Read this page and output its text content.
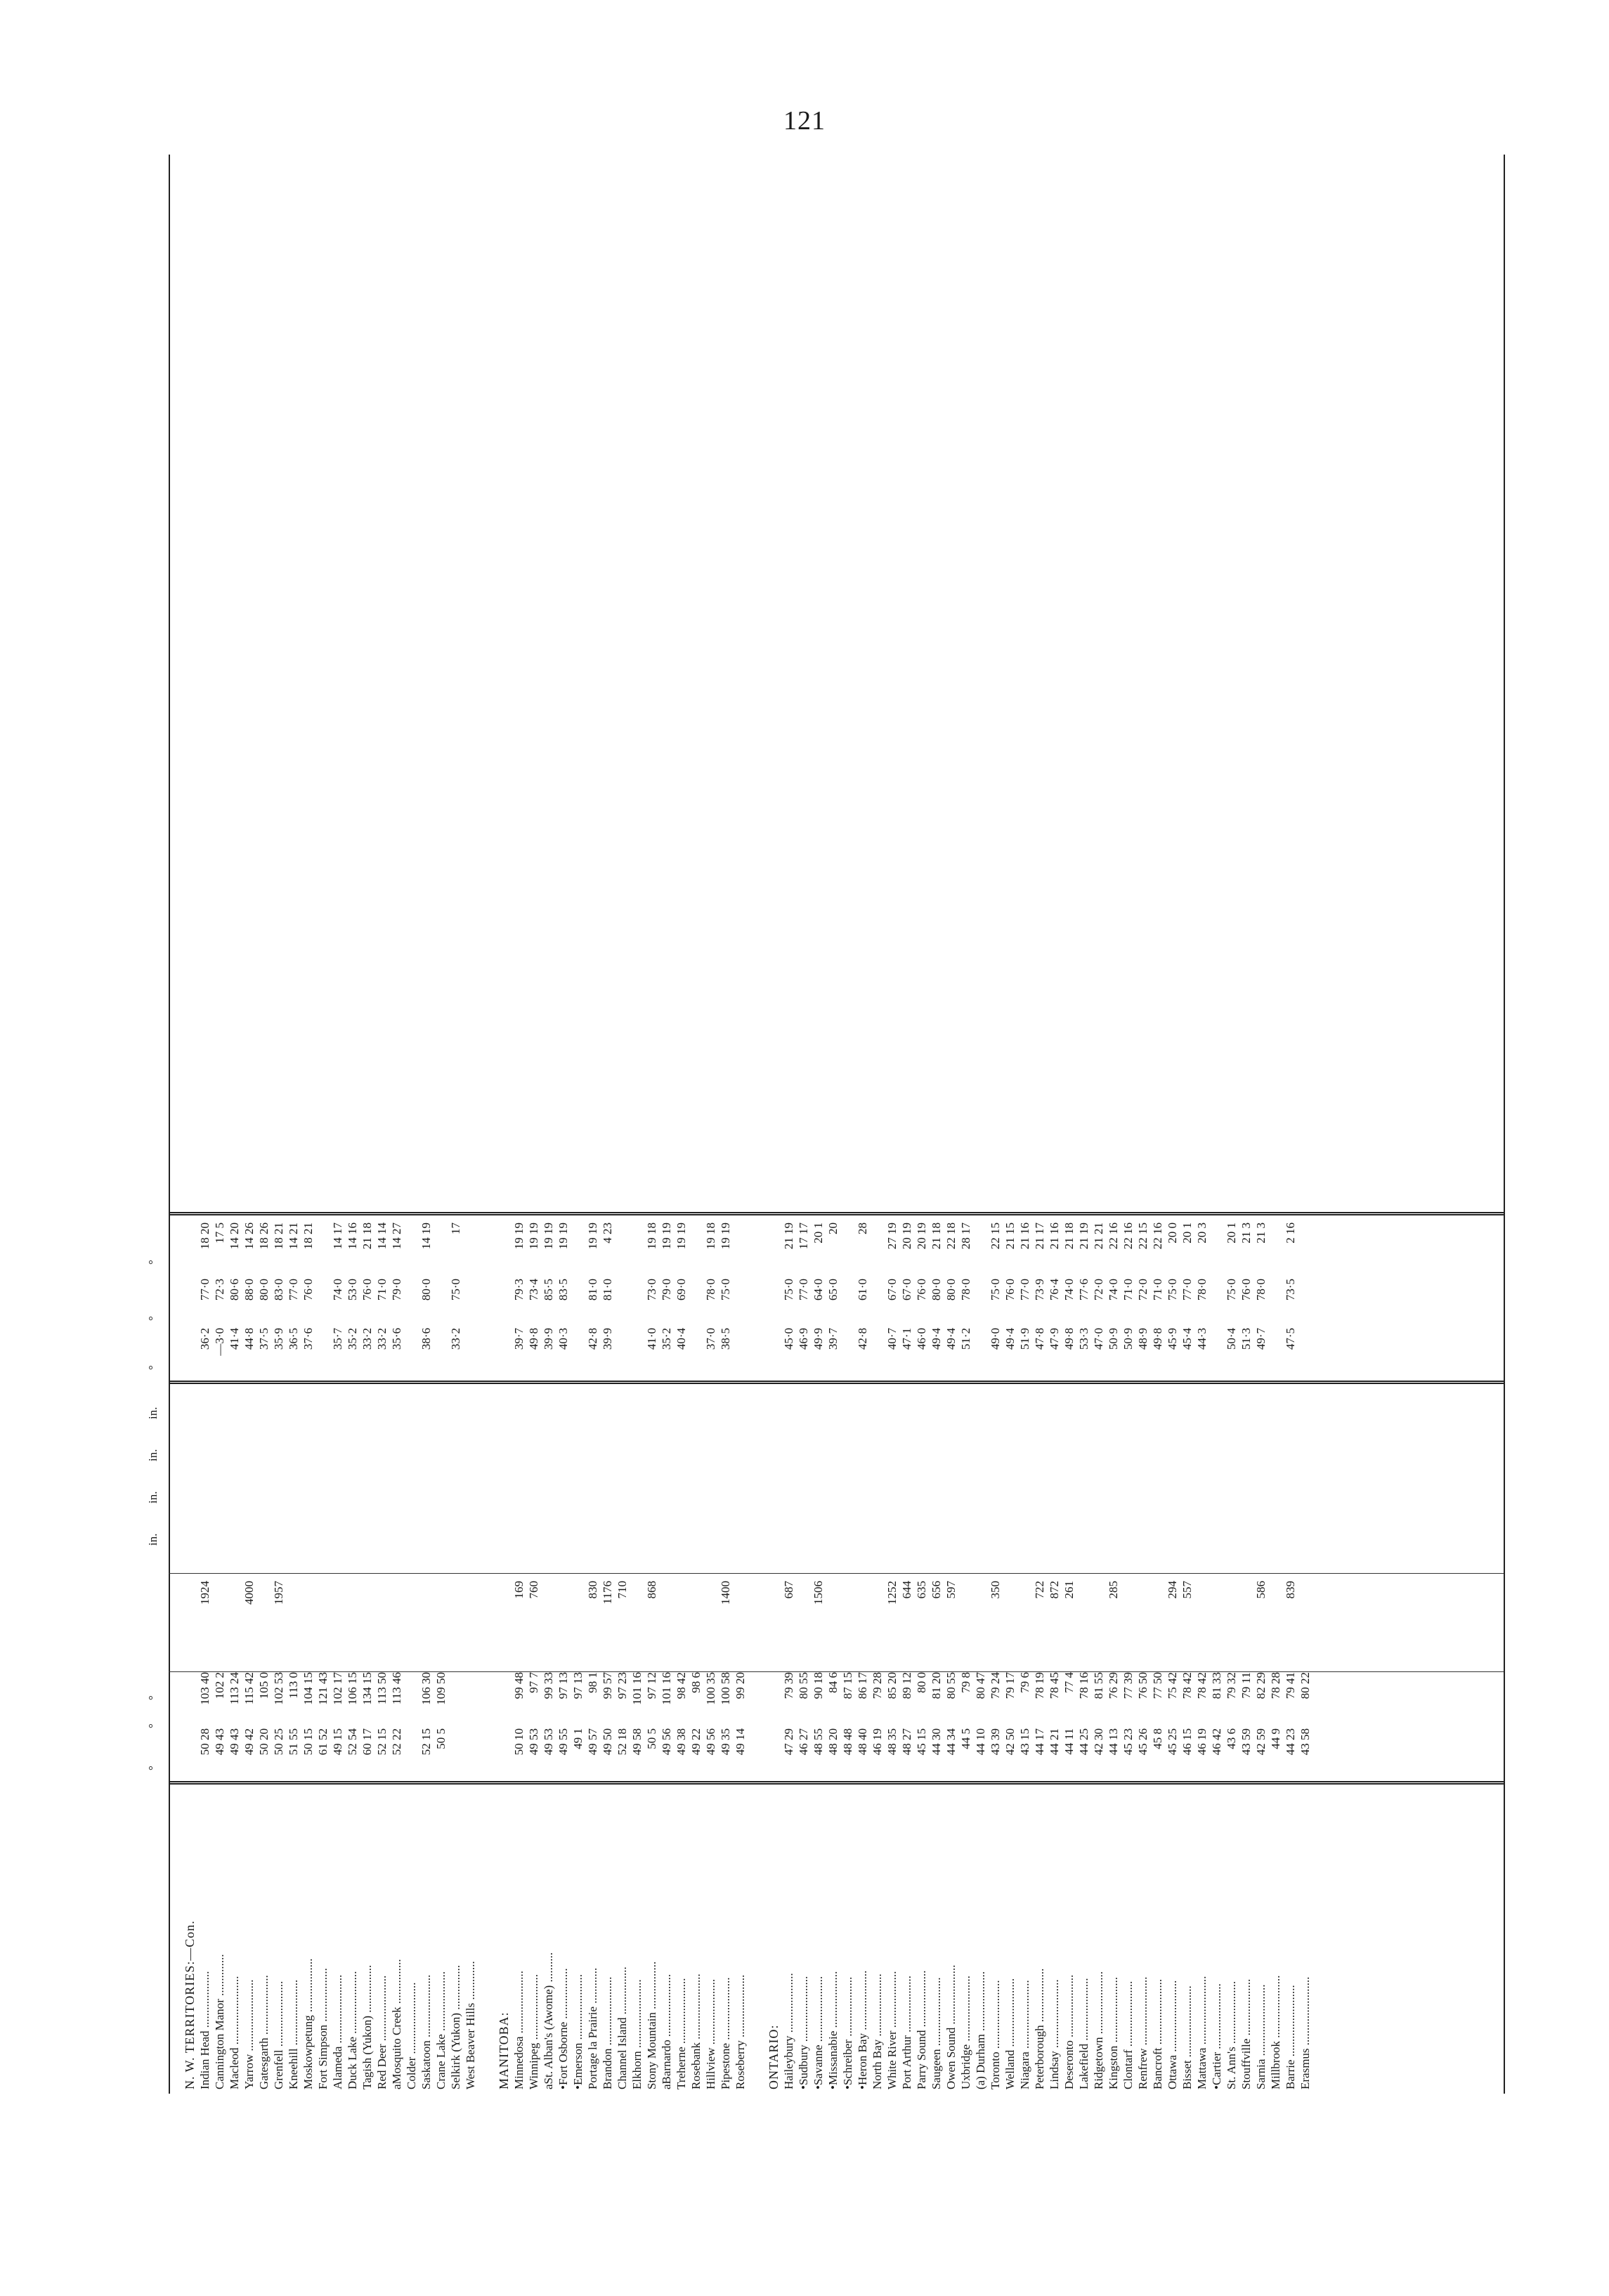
121
°
°
°
in.
in.
in.
in.
°
°
°
N. W. TERRITORIES:—Con. Indian Head ...................
50 28
103 40
1924
36·2
77·0
18 20
Cannington Manor ..............
49 43
102 2
—3·0
72·3
17 5
Macleod .......................
49 43
113 24
41·4
80·6
14 20
Yarrow ........................
49 42
115 42
4000
44·8
88·0
14 26
Gatesgarth ....................
50 20
105 0
37·5
80·0
18 26
Grenfell ......................
50 25
102 53
1957
35·9
83·0
18 21
Kneehill ......................
51 55
113 0
36·5
77·0
14 21
Moskowpetung ..................
50 15
104 15
37·6
76·0
18 21
Fort Simpson ..................
61 52
121 43
Alameda .......................
49 15
102 17
35·7
74·0
14 17
Duck Lake .....................
52 54
106 15
35·2
53·0
14 16
Tagish (Yukon) ................
60 17
134 15
33·2
76·0
21 18
Red Deer ......................
52 15
113 50
33·2
71·0
14 14
aMosquito Creek ...............
52 22
113 46
35·6
79·0
14 27
Colder ........................ Saskatoon .....................
52 15
106 30
38·6
80·0
14 19
Crane Lake ....................
50 5
109 50
Selkirk (Yukon) ...............
33·2
75·0
17
West Beaver Hills ............. MANITOBA: Minnedosa .....................
50 10
99 48
169
39·7
79·3
19 19
Winnipeg ......................
49 53
97 7
760
49·8
73·4
19 19
aSt. Alban's (Awome) ..........
49 53
99 33
39·9
85·5
19 19
•Fort Osborne .................
49 55
97 13
40·3
83·5
19 19
•Emerson ......................
49 1
97 13
Portage la Prairie ............
49 57
98 1
830
42·8
81·0
19 19
Brandon .......................
49 50
99 57
1176
39·9
81·0
4 23
Channel Island ................
52 18
97 23
710
Elkhorn .......................
49 58
101 16
Stony Mountain ................
50 5
97 12
868
41·0
73·0
19 18
aBarnardo .....................
49 56
101 16
35·2
79·0
19 19
Treherne ......................
49 38
98 42
40·4
69·0
19 19
Rosebank ......................
49 22
98 6
Hillview ......................
49 56
100 35
37·0
78·0
19 18
Pipestone .....................
49 35
100 58
1400
38·5
75·0
19 19
Roseberry .....................
49 14
99 20
ONTARIO: Haileybury ....................
47 29
79 39
687
45·0
75·0
21 19
•Sudbury ......................
46 27
80 55
46·9
77·0
17 17
•Savanne ......................
48 55
90 18
1506
49·9
64·0
20 1
•Missanabie ...................
48 20
84 6
39·7
65·0
20
•Schreiber ....................
48 48
87 15
•Heron Bay ....................
48 40
86 17
42·8
61·0
28
North Bay .....................
46 19
79 28
White River ...................
48 35
85 20
1252
40·7
67·0
27 19
Port Arthur ...................
48 27
89 12
644
47·1
67·0
20 19
Parry Sound ...................
45 15
80 0
635
46·0
76·0
20 19
Saugeen .......................
44 30
81 20
656
49·4
80·0
21 18
Owen Sound ....................
44 34
80 55
597
49·4
80·0
22 18
Uxbridge ......................
44 5
79 8
51·2
78·0
28 17
(a) Durham ....................
44 10
80 47
Toronto .......................
43 39
79 24
350
49·0
75·0
22 15
Welland .......................
42 50
79 17
49·4
76·0
21 15
Niagara .......................
43 15
79 6
51·9
77·0
21 16
Peterborough ..................
44 17
78 19
722
47·8
73·9
21 17
Lindsay .......................
44 21
78 45
872
47·9
76·4
21 16
Deseronto .....................
44 11
77 4
261
49·8
74·0
21 18
Lakefield .....................
44 25
78 16
53·3
77·6
21 19
Ridgetown .....................
42 30
81 55
47·0
72·0
21 21
Kingston ......................
44 13
76 29
285
50·9
74·0
22 16
Clontarf ......................
45 23
77 39
50·9
71·0
22 16
Renfrew .......................
45 26
76 50
48·9
72·0
22 15
Bancroft ......................
45 8
77 50
49·8
71·0
22 16
Ottawa ........................
45 25
75 42
294
45·9
75·0
20 0
Bisset ........................
46 15
78 42
557
45·4
77·0
20 1
Mattawa .......................
46 19
78 42
44·3
78·0
20 3
•Cartier ......................
46 42
81 33
St. Ann's .....................
43 6
79 32
50·4
75·0
20 1
Stouffville ...................
43 59
79 11
51·3
76·0
21 3
Sarnia ........................
42 59
82 29
586
49·7
78·0
21 3
Millbrook .....................
44 9
78 28
Barrie ........................
44 23
79 41
839
47·5
73·5
2 16
Erasmus .......................
43 58
80 22
